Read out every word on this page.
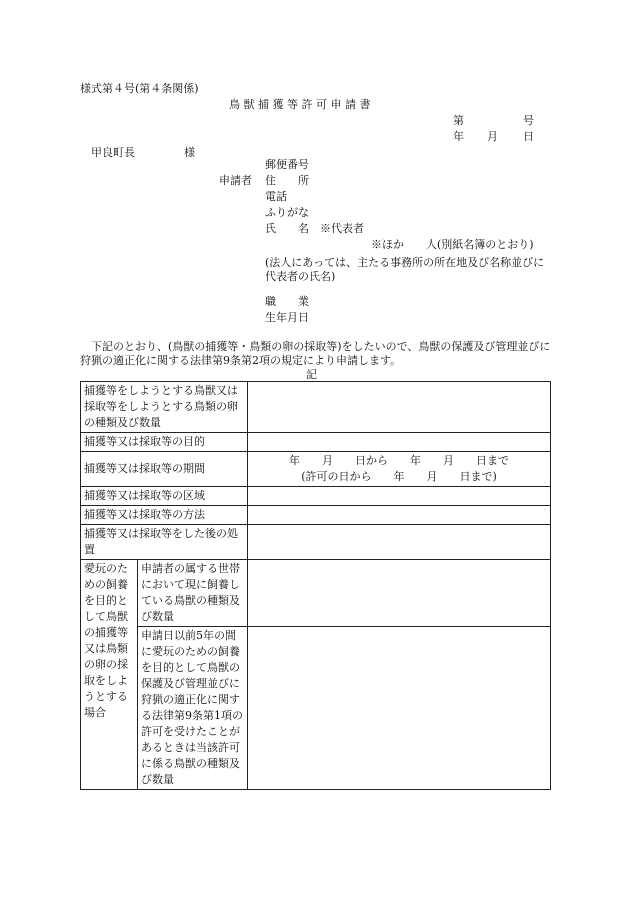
様式第４号(第４条関係)
鳥 獣 捕 獲 等 許 可 申 請 書
第	号
年 月 日
甲良町長	様
申請者
郵便番号
住　　所
電話
ふりがな
氏　　名　※代表者
※ほか　　人(別紙名簿のとおり)
(法人にあっては、主たる事務所の所在地及び名称並びに代表者の氏名)
職　　業
生年月日
下記のとおり、(鳥獣の捕獲等・鳥類の卵の採取等)をしたいので、鳥獣の保護及び管理並びに狩猟の適正化に関する法律第9条第2項の規定により申請します。
記
捕獲等をしようとする鳥獣又は採取等をしようとする鳥類の卵の種類及び数量		
捕獲等又は採取等の目的		
捕獲等又は採取等の期間		年　　月　　日から　　年　　月　　日まで
(許可の日から　　年　　月　　日まで)

捕獲等又は採取等の区域		
捕獲等又は採取等の方法		
捕獲等又は採取等をした後の処置		
愛玩のための飼養を目的として鳥獣の捕獲等又は鳥類の卵の採取をしようとする場合	申請者の属する世帯において現に飼養している鳥獣の種類及び数量	
	申請日以前5年の間に愛玩のための飼養を目的として鳥獣の保護及び管理並びに狩猟の適正化に関する法律第9条第1項の許可を受けたことがあるときは当該許可に係る鳥獣の種類及び数量	
